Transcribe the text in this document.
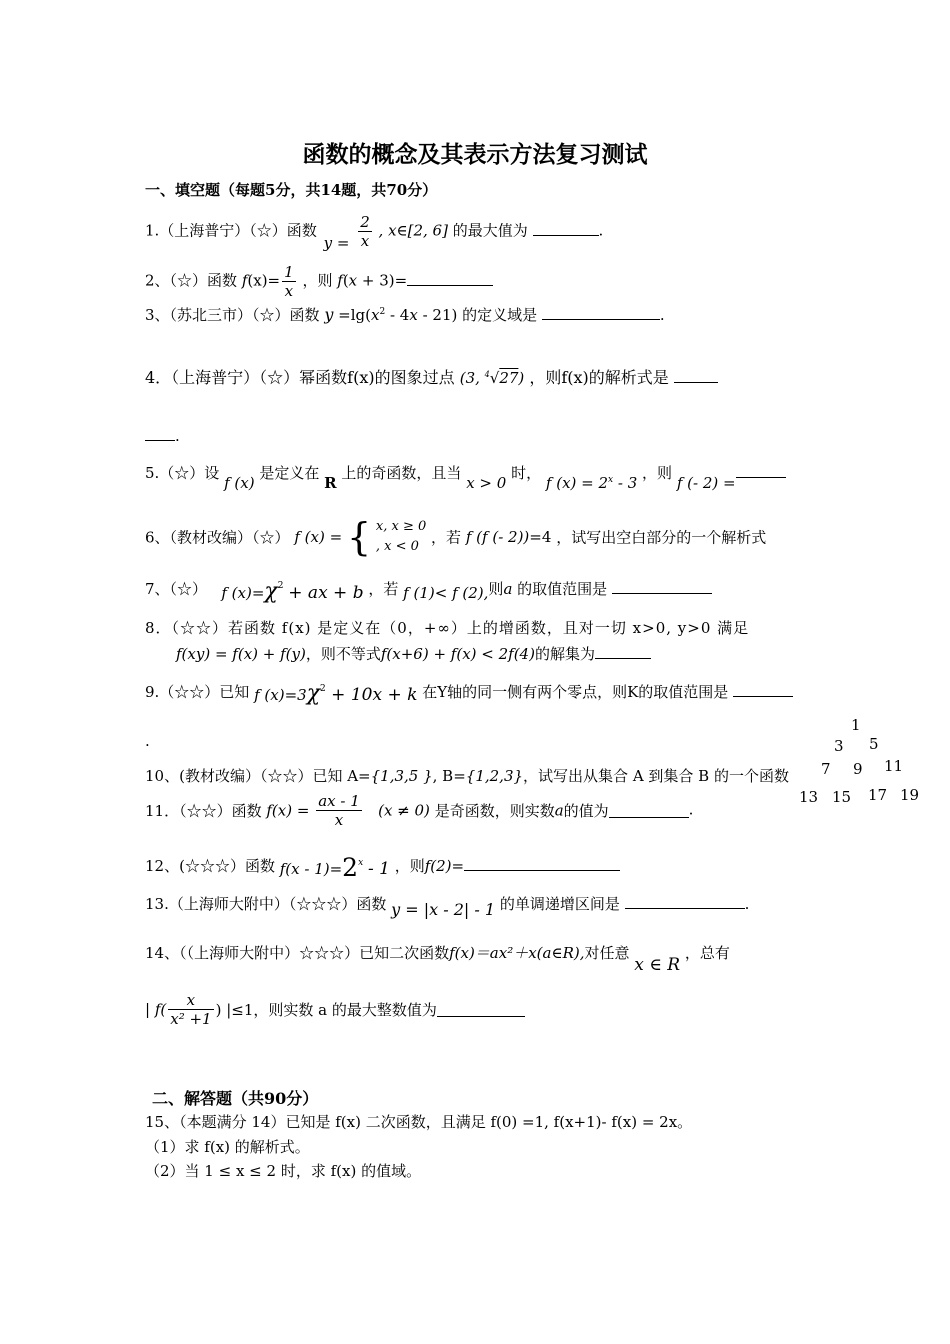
函数的概念及其表示方法复习测试
一、填空题（每题5分，共14题，共70分）
1.（上海普宁）（☆）函数 $y = \frac{2}{x}$ , x∈[2, 6] 的最大值为	.
2、（☆）函数 $f(x)= \frac{1}{x}$ ，则 f(x + 3)=
3、（苏北三市）（☆）函数 $y =\lg(x^2 - 4x - 21)$ 的定义域是	.
4．（上海普宁）（☆）幂函数f(x)的图象过点 (3, $^4$√27) ，则f(x)的解析式是
.
5.（☆）设 f (x) 是定义在 R 上的奇函数，且当 x > 0 时， f $(x) = 2^x - 3$ ，则 f (- 2) =
6、（教材改编）（☆） f (x) = { x, x ≥ 0
, x < 0 ，若 f (f (- 2))=4 ，试写出空白部分的一个解析式
7、（☆） f $(x)=\chi^2$ + ax + b ，若 f (1)< f (2),则a 的取值范围是
8．（☆☆）若函数 f(x) 是定义在（0，+∞）上的增函数，且对一切 x>0, y>0 满足
f(xy) = f(x) + f(y)，则不等式f(x+6) + f(x) < 2f(4)的解集为
9.（☆☆）已知 f $(x)=3\chi^2 + 10x + k$ 在Y轴的同一侧有两个零点，则K的取值范围是
.
1
3 5
7 9 11
13 15 17 19
10、(教材改编）（☆☆）已知 A={1,3,5 }, B={1,2,3}，试写出从集合 A 到集合 B 的一个函数
11．（☆☆）函数 $f(x) = \frac{ax - 1}{x} (x \ne 0)$ 是奇函数，则实数a的值为	.
12、(☆☆☆）函数 $f(x - 1)=2^x - 1$ ，则f(2)=
13.（上海师大附中）（☆☆☆）函数 y = |x - 2| - 1 的单调递增区间是	.
14、（（上海师大附中）☆☆☆）已知二次函数f(x)＝ax²＋x(a∈R),对任意 x ∈ R ，总有
| $f( \frac{x}{\text{x² +1}}$ ) |≤1，则实数 a 的最大整数值为
二、解答题（共90分）
15、（本题满分 14）已知是 f(x) 二次函数，且满足 f(0) =1, f(x+1)- f(x) = 2x。
（1）求 f(x) 的解析式。
（2）当 1 ≤ x ≤ 2 时，求 f(x) 的值域。
